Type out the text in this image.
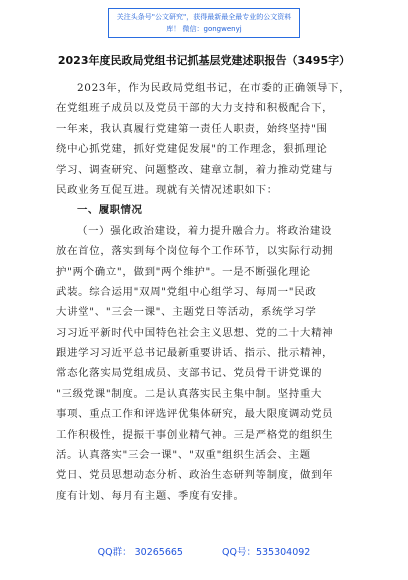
关注头条号"公文研究"，获得最新最全最专业的公文资料库！ 微信：gongwenyj
2023年度民政局党组书记抓基层党建述职报告（3495字）
2023年，作为民政局党组书记，在市委的正确领导下，
在党组班子成员以及党员干部的大力支持和积极配合下，
一年来，我认真履行党建第一责任人职责，始终坚持"围
绕中心抓党建，抓好党建促发展"的工作理念，狠抓理论
学习、调查研究、问题整改、建章立制，着力推动党建与
民政业务互促互进。现就有关情况述职如下：
一、履职情况
（一）强化政治建设，着力提升融合力。将政治建设
放在首位，落实到每个岗位每个工作环节，以实际行动拥
护"两个确立"，做到"两个维护"。一是不断强化理论
武装。综合运用"双周"党组中心组学习、每周一"民政
大讲堂"、"三会一课"、主题党日等活动，系统学习学
习习近平新时代中国特色社会主义思想、党的二十大精神
跟进学习习近平总书记最新重要讲话、指示、批示精神，
常态化落实局党组成员、支部书记、党员骨干讲党课的
"三级党课"制度。二是认真落实民主集中制。坚持重大
事项、重点工作和评选评优集体研究，最大限度调动党员
工作积极性，提振干事创业精气神。三是严格党的组织生
活。认真落实"三会一课"、"双重"组织生活会、主题
党日、党员思想动态分析、政治生态研判等制度，做到年
度有计划、每月有主题、季度有安排。
QQ群： 30265665	QQ号：535304092
